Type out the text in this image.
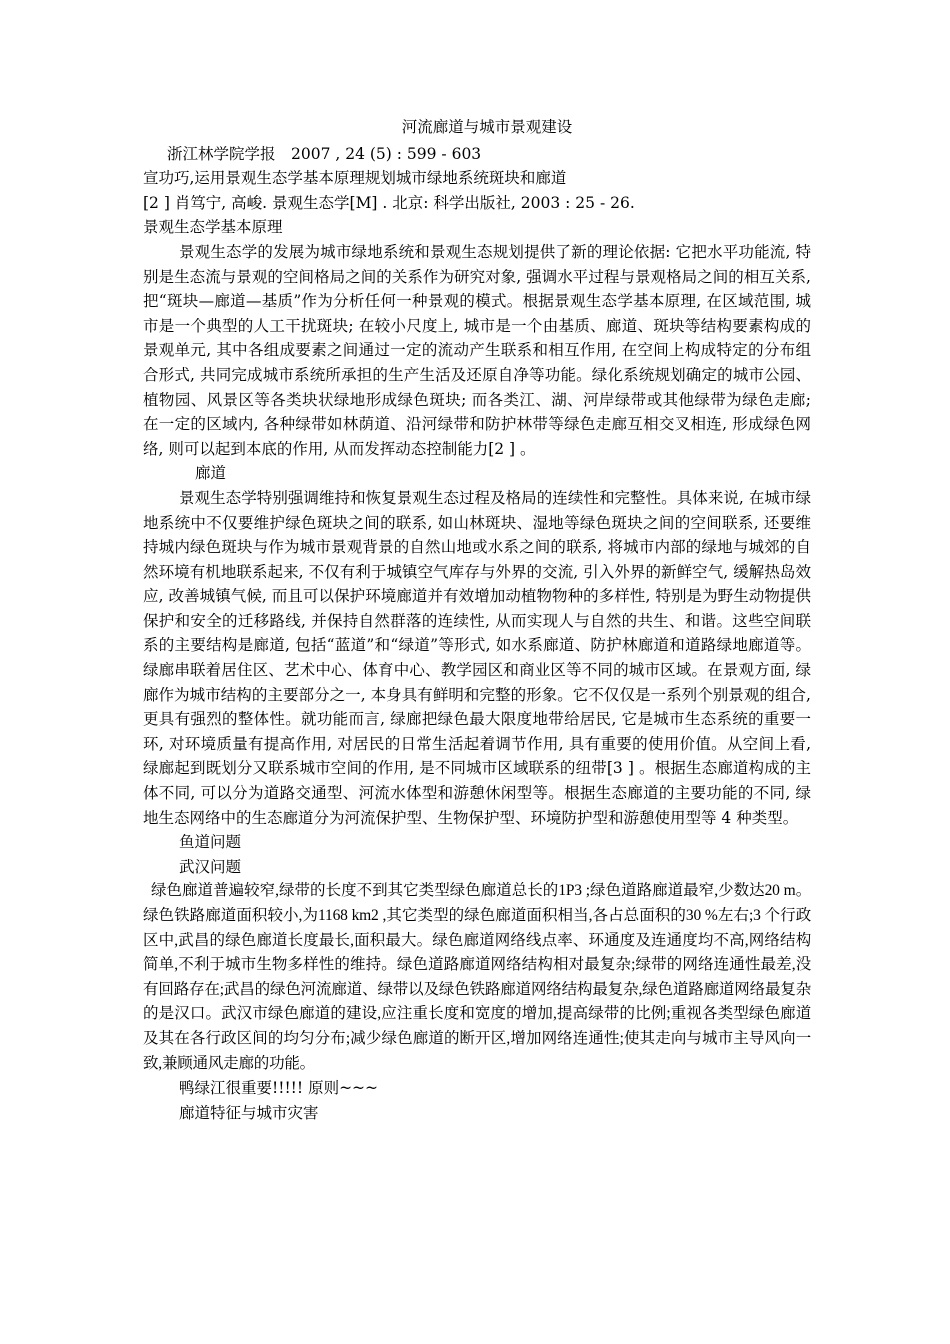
河流廊道与城市景观建设
浙江林学院学报　2007 , 24 (5) : 599 - 603
宣功巧,运用景观生态学基本原理规划城市绿地系统斑块和廊道
[2 ] 肖笃宁, 高峻. 景观生态学[M] . 北京: 科学出版社, 2003 : 25 - 26.
景观生态学基本原理

景观生态学的发展为城市绿地系统和景观生态规划提供了新的理论依据: 它把水平功能流, 特别是生态流与景观的空间格局之间的关系作为研究对象, 强调水平过程与景观格局之间的相互关系, 把“斑块—廊道—基质”作为分析任何一种景观的模式。根据景观生态学基本原理, 在区域范围, 城市是一个典型的人工干扰斑块; 在较小尺度上, 城市是一个由基质、廊道、斑块等结构要素构成的景观单元, 其中各组成要素之间通过一定的流动产生联系和相互作用, 在空间上构成特定的分布组合形式, 共同完成城市系统所承担的生产生活及还原自净等功能。绿化系统规划确定的城市公园、植物园、风景区等各类块状绿地形成绿色斑块; 而各类江、湖、河岸绿带或其他绿带为绿色走廊; 在一定的区域内, 各种绿带如林荫道、沿河绿带和防护林带等绿色走廊互相交叉相连, 形成绿色网络, 则可以起到本底的作用, 从而发挥动态控制能力[2 ] 。

廊道

景观生态学特别强调维持和恢复景观生态过程及格局的连续性和完整性。具体来说, 在城市绿地系统中不仅要维护绿色斑块之间的联系, 如山林斑块、湿地等绿色斑块之间的空间联系, 还要维持城内绿色斑块与作为城市景观背景的自然山地或水系之间的联系, 将城市内部的绿地与城郊的自然环境有机地联系起来, 不仅有利于城镇空气库存与外界的交流, 引入外界的新鲜空气, 缓解热岛效应, 改善城镇气候, 而且可以保护环境廊道并有效增加动植物物种的多样性, 特别是为野生动物提供保护和安全的迁移路线, 并保持自然群落的连续性, 从而实现人与自然的共生、和谐。这些空间联系的主要结构是廊道, 包括“蓝道”和“绿道”等形式, 如水系廊道、防护林廊道和道路绿地廊道等。绿廊串联着居住区、艺术中心、体育中心、教学园区和商业区等不同的城市区域。在景观方面, 绿廊作为城市结构的主要部分之一, 本身具有鲜明和完整的形象。它不仅仅是一系列个别景观的组合, 更具有强烈的整体性。就功能而言, 绿廊把绿色最大限度地带给居民, 它是城市生态系统的重要一环, 对环境质量有提高作用, 对居民的日常生活起着调节作用, 具有重要的使用价值。从空间上看, 绿廊起到既划分又联系城市空间的作用, 是不同城市区域联系的纽带[3 ] 。根据生态廊道构成的主体不同, 可以分为道路交通型、河流水体型和游憩休闲型等。根据生态廊道的主要功能的不同, 绿地生态网络中的生态廊道分为河流保护型、生物保护型、环境防护型和游憩使用型等 4 种类型。

鱼道问题
武汉问题

绿色廊道普遍较窄,绿带的长度不到其它类型绿色廊道总长的1P3 ;绿色道路廊道最窄,少数达20 m。绿色铁路廊道面积较小,为1168 km2 ,其它类型的绿色廊道面积相当,各占总面积的30 %左右;3 个行政区中,武昌的绿色廊道长度最长,面积最大。绿色廊道网络线点率、环通度及连通度均不高,网络结构简单,不利于城市生物多样性的维持。绿色道路廊道网络结构相对最复杂;绿带的网络连通性最差,没有回路存在;武昌的绿色河流廊道、绿带以及绿色铁路廊道网络结构最复杂,绿色道路廊道网络最复杂的是汉口。武汉市绿色廊道的建设,应注重长度和宽度的增加,提高绿带的比例;重视各类型绿色廊道及其在各行政区间的均匀分布;减少绿色廊道的断开区,增加网络连通性;使其走向与城市主导风向一致,兼顾通风走廊的功能。

鸭绿江很重要!!!!! 原则~~~
廊道特征与城市灾害
